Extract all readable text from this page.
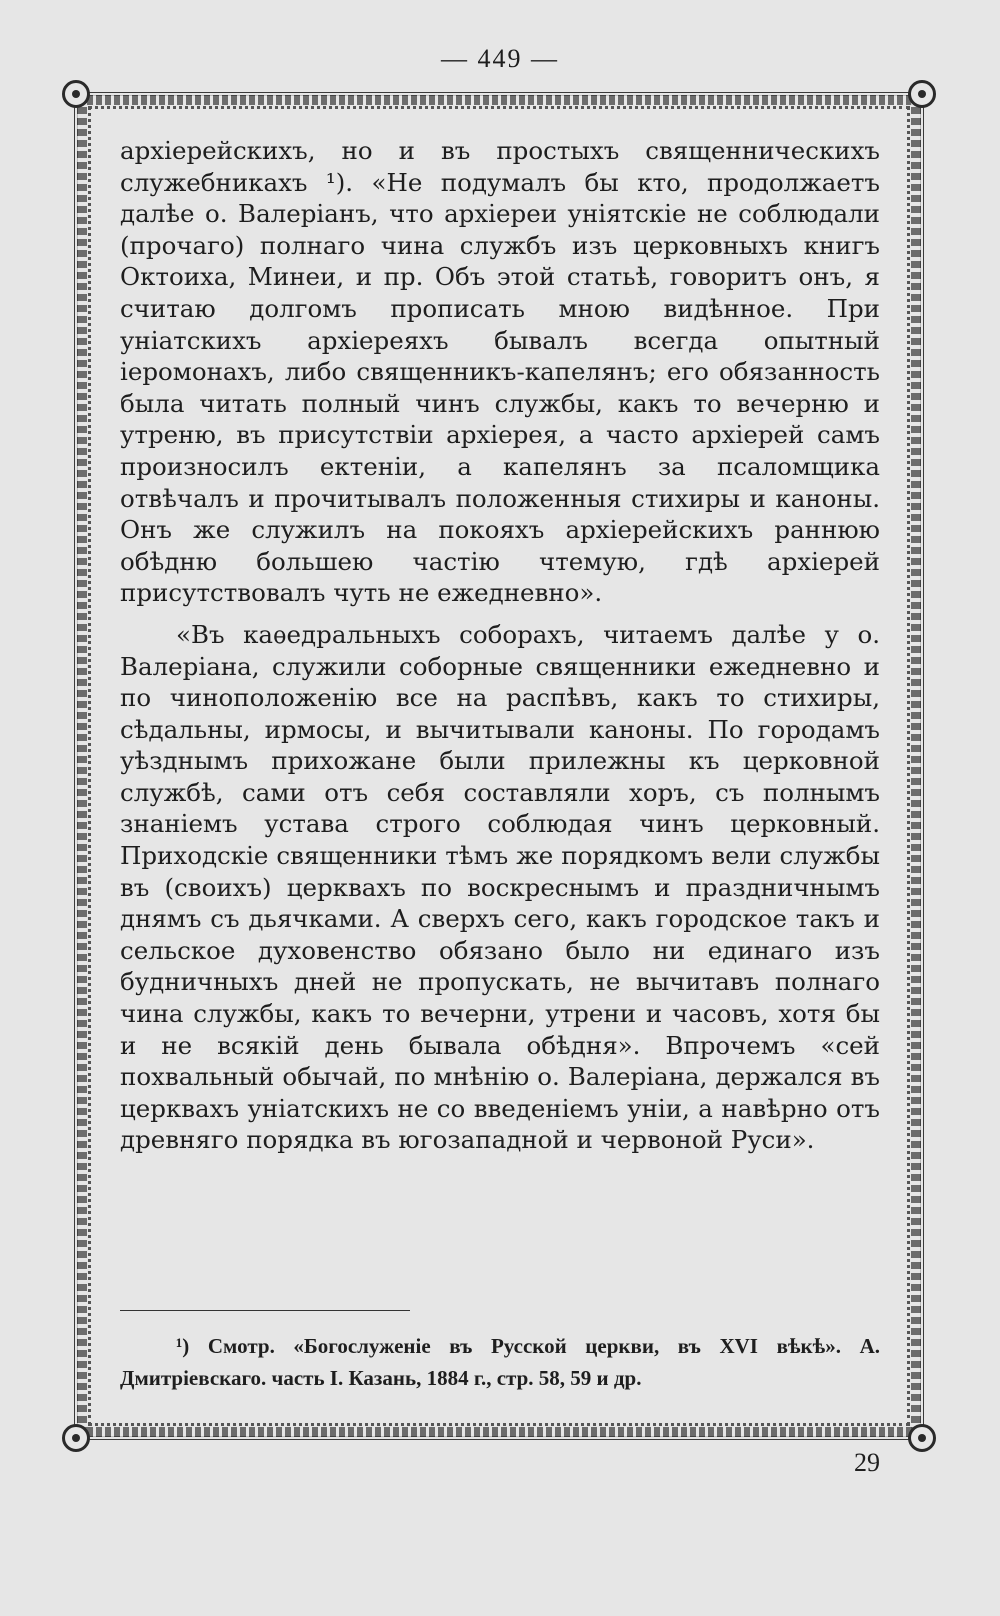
— 449 —

архіерейскихъ, но и въ простыхъ священническихъ служебникахъ ¹). «Не подумалъ бы кто, продолжаетъ далѣе о. Валеріанъ, что архіереи уніятскіе не соблюдали (прочаго) полнаго чина службъ изъ церковныхъ книгъ Октоиха, Минеи, и пр. Объ этой статьѣ, говоритъ онъ, я считаю долгомъ прописать мною видѣнное. При уніатскихъ архіереяхъ бывалъ всегда опытный іеромонахъ, либо священникъ-капелянъ; его обязанность была читать полный чинъ службы, какъ то вечерню и утреню, въ присутствіи архіерея, а часто архіерей самъ произносилъ ектеніи, а капелянъ за псаломщика отвѣчалъ и прочитывалъ положенныя стихиры и каноны. Онъ же служилъ на покояхъ архіерейскихъ раннюю обѣдню большею частію чтемую, гдѣ архіерей присутствовалъ чуть не ежедневно».

«Въ каѳедральныхъ соборахъ, читаемъ далѣе у о. Валеріана, служили соборные священники ежедневно и по чиноположенію все на распѣвъ, какъ то стихиры, сѣдальны, ирмосы, и вычитывали каноны. По городамъ уѣзднымъ прихожане были прилежны къ церковной службѣ, сами отъ себя составляли хоръ, съ полнымъ знаніемъ устава строго соблюдая чинъ церковный. Приходскіе священники тѣмъ же порядкомъ вели службы въ (своихъ) церквахъ по воскреснымъ и праздничнымъ днямъ съ дьячками. А сверхъ сего, какъ городское такъ и сельское духовенство обязано было ни единаго изъ будничныхъ дней не пропускать, не вычитавъ полнаго чина службы, какъ то вечерни, утрени и часовъ, хотя бы и не всякій день бывала обѣдня». Впрочемъ «сей похвальный обычай, по мнѣнію о. Валеріана, держался въ церквахъ уніатскихъ не со введеніемъ уніи, а навѣрно отъ древняго порядка въ югозападной и червоной Руси».

¹) Смотр. «Богослуженіе въ Русской церкви, въ XVI вѣкѣ». А. Дмитріевскаго. часть I. Казань, 1884 г., стр. 58, 59 и др.

29
